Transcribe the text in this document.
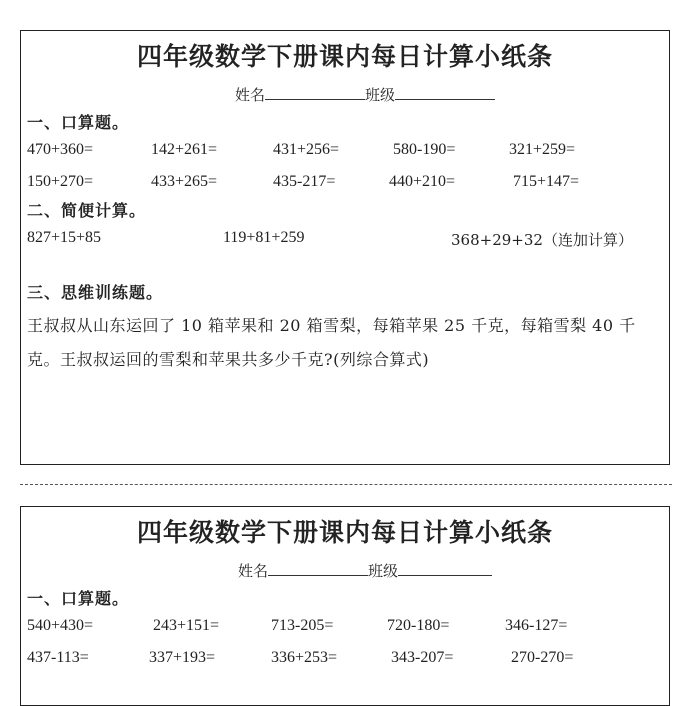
四年级数学下册课内每日计算小纸条
姓名	班级
一、口算题。
470+360=	142+261=	431+256=	580-190=	321+259=
150+270=	433+265=	435-217=	440+210=	715+147=
二、简便计算。
827+15+85	119+81+259	368+29+32（连加计算）
三、思维训练题。
王叔叔从山东运回了 10 箱苹果和 20 箱雪梨，每箱苹果 25 千克，每箱雪梨 40 千克。王叔叔运回的雪梨和苹果共多少千克?(列综合算式)
四年级数学下册课内每日计算小纸条
姓名	班级
一、口算题。
540+430=	243+151=	713-205=	720-180=	346-127=
437-113=	337+193=	336+253=	343-207=	270-270=
